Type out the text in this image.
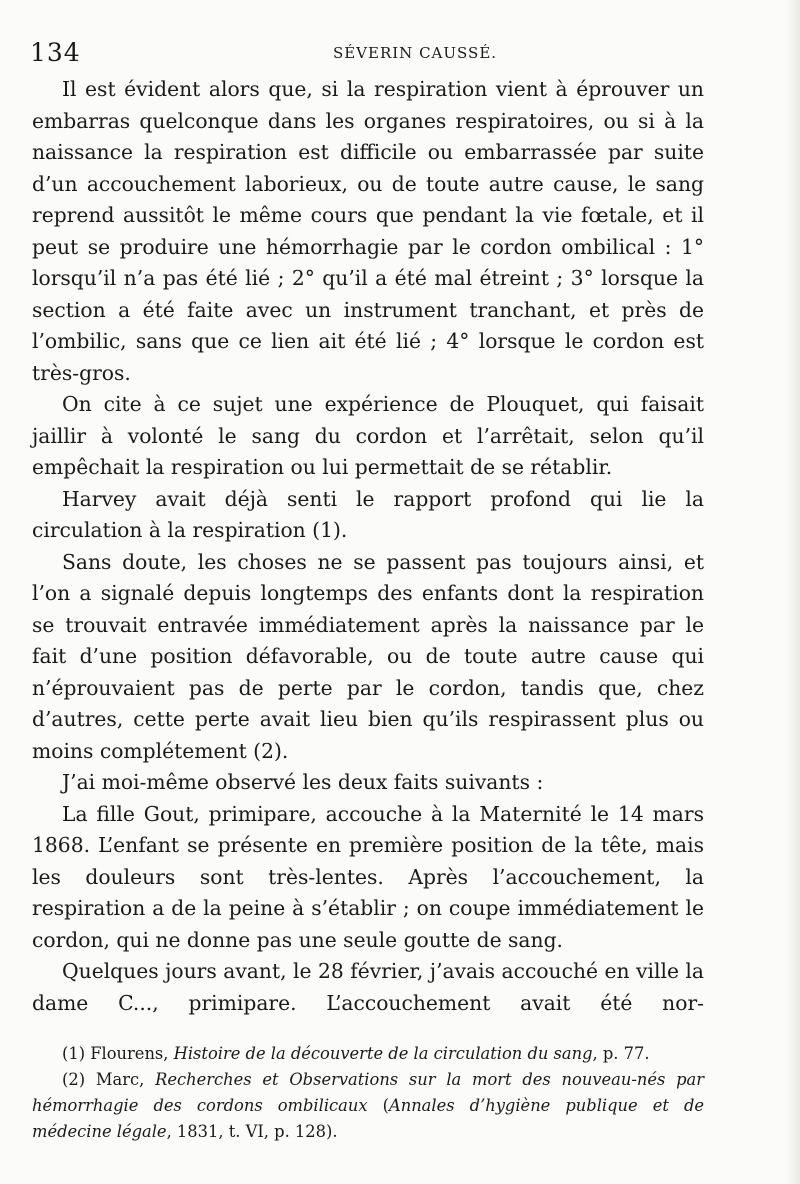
134	SÉVERIN CAUSSÉ.

Il est évident alors que, si la respiration vient à éprouver un embarras quelconque dans les organes respiratoires, ou si à la naissance la respiration est difficile ou embarrassée par suite d’un accouchement laborieux, ou de toute autre cause, le sang reprend aussitôt le même cours que pendant la vie fœtale, et il peut se produire une hémorrhagie par le cordon ombilical : 1° lorsqu’il n’a pas été lié ; 2° qu’il a été mal étreint ; 3° lorsque la section a été faite avec un instrument tranchant, et près de l’ombilic, sans que ce lien ait été lié ; 4° lorsque le cordon est très-gros.

On cite à ce sujet une expérience de Plouquet, qui faisait jaillir à volonté le sang du cordon et l’arrêtait, selon qu’il empêchait la respiration ou lui permettait de se rétablir.

Harvey avait déjà senti le rapport profond qui lie la circulation à la respiration (1).

Sans doute, les choses ne se passent pas toujours ainsi, et l’on a signalé depuis longtemps des enfants dont la respiration se trouvait entravée immédiatement après la naissance par le fait d’une position défavorable, ou de toute autre cause qui n’éprouvaient pas de perte par le cordon, tandis que, chez d’autres, cette perte avait lieu bien qu’ils respirassent plus ou moins complétement (2).

J’ai moi-même observé les deux faits suivants :

La fille Gout, primipare, accouche à la Maternité le 14 mars 1868. L’enfant se présente en première position de la tête, mais les douleurs sont très-lentes. Après l’accouchement, la respiration a de la peine à s’établir ; on coupe immédiatement le cordon, qui ne donne pas une seule goutte de sang.

Quelques jours avant, le 28 février, j’avais accouché en ville la dame C..., primipare. L’accouchement avait été nor-

(1) Flourens, Histoire de la découverte de la circulation du sang, p. 77.

(2) Marc, Recherches et Observations sur la mort des nouveau-nés par hémorrhagie des cordons ombilicaux (Annales d’hygiène publique et de médecine légale, 1831, t. VI, p. 128).
